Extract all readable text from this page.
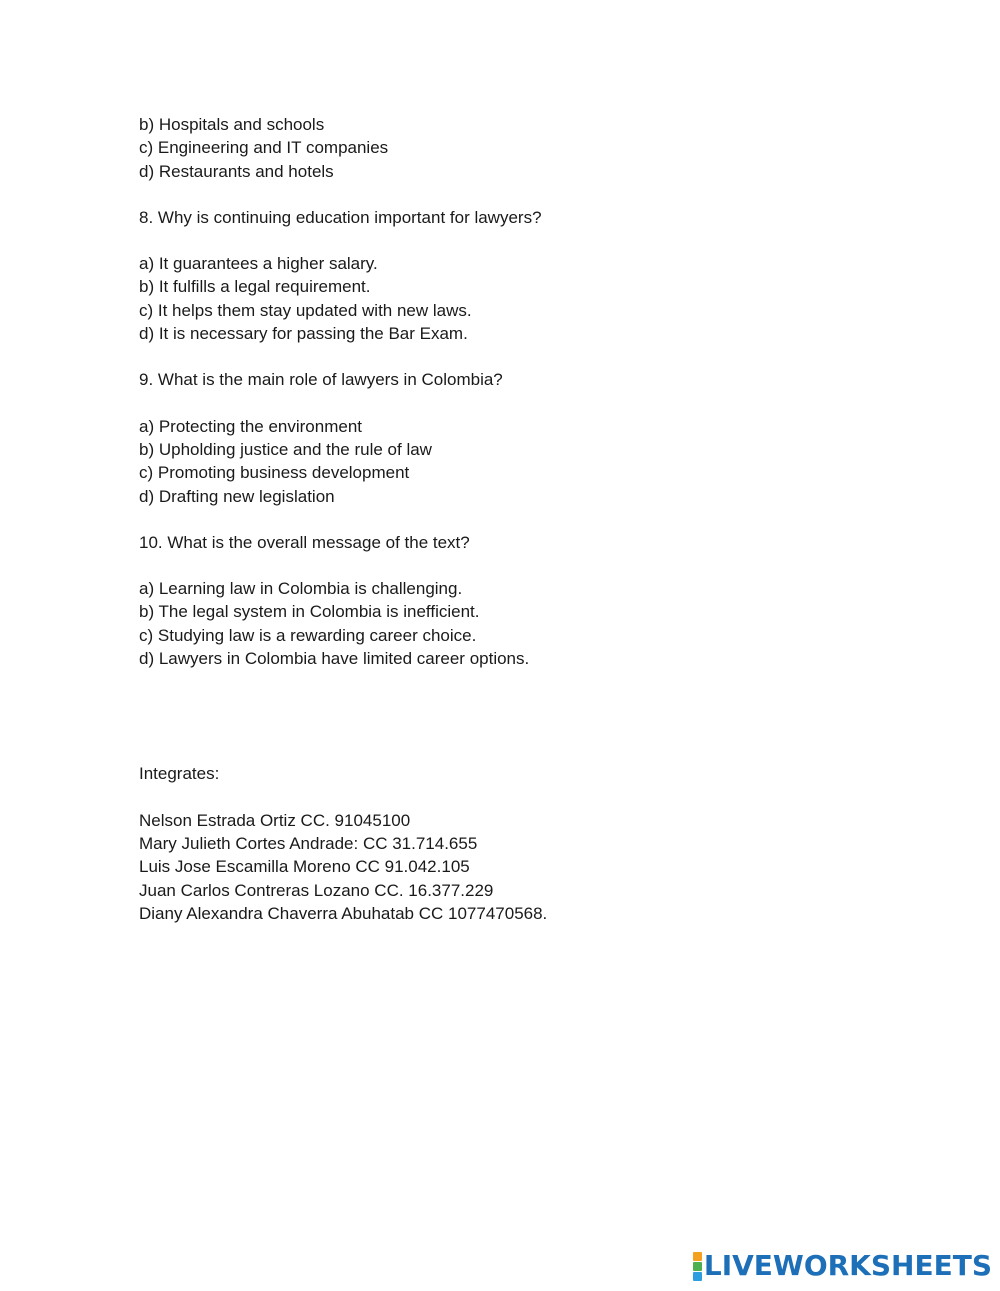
b) Hospitals and schools
c) Engineering and IT companies
d) Restaurants and hotels
8. Why is continuing education important for lawyers?
a) It guarantees a higher salary.
b) It fulfills a legal requirement.
c) It helps them stay updated with new laws.
d) It is necessary for passing the Bar Exam.
9. What is the main role of lawyers in Colombia?
a) Protecting the environment
b) Upholding justice and the rule of law
c) Promoting business development
d) Drafting new legislation
10. What is the overall message of the text?
a) Learning law in Colombia is challenging.
b) The legal system in Colombia is inefficient.
c) Studying law is a rewarding career choice.
d) Lawyers in Colombia have limited career options.
Integrates:
Nelson Estrada Ortiz CC. 91045100
Mary Julieth Cortes Andrade: CC 31.714.655
Luis Jose Escamilla Moreno CC 91.042.105
Juan Carlos Contreras Lozano CC. 16.377.229
Diany Alexandra Chaverra Abuhatab CC 1077470568.
LIVEWORKSHEETS
